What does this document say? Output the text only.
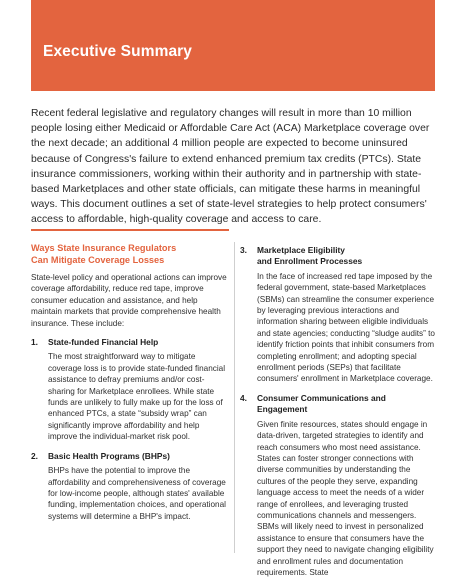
Executive Summary

Recent federal legislative and regulatory changes will result in more than 10 million people losing either Medicaid or Affordable Care Act (ACA) Marketplace coverage over the next decade; an additional 4 million people are expected to become uninsured because of Congress's failure to extend enhanced premium tax credits (PTCs). State insurance commissioners, working within their authority and in partnership with state-based Marketplaces and other state officials, can mitigate these harms in meaningful ways. This document outlines a set of state-level strategies to help protect consumers' access to affordable, high-quality coverage and access to care.

Ways State Insurance Regulators
Can Mitigate Coverage Losses

State-level policy and operational actions can improve coverage affordability, reduce red tape, improve consumer education and assistance, and help maintain markets that provide comprehensive health insurance. These include:

1.	State-funded Financial Help

The most straightforward way to mitigate coverage loss is to provide state-funded financial assistance to defray premiums and/or cost-sharing for Marketplace enrollees. While state funds are unlikely to fully make up for the loss of enhanced PTCs, a state “subsidy wrap” can significantly improve affordability and help improve the individual-market risk pool.

2.	Basic Health Programs (BHPs)

BHPs have the potential to improve the affordability and comprehensiveness of coverage for low-income people, although states' available funding, implementation choices, and operational systems will determine a BHP's impact.

3.	Marketplace Eligibility
and Enrollment Processes

In the face of increased red tape imposed by the federal government, state-based Marketplaces (SBMs) can streamline the consumer experience by leveraging previous interactions and information sharing between eligible individuals and state agencies; conducting “sludge audits” to identify friction points that inhibit consumers from completing enrollment; and adopting special enrollment periods (SEPs) that facilitate consumers' enrollment in Marketplace coverage.

4.	Consumer Communications and Engagement

Given finite resources, states should engage in data-driven, targeted strategies to identify and reach consumers who most need assistance. States can foster stronger connections with diverse communities by understanding the cultures of the people they serve, expanding language access to meet the needs of a wider range of enrollees, and leveraging trusted communications channels and messengers. SBMs will likely need to invest in personalized assistance to ensure that consumers have the support they need to navigate changing eligibility and enrollment rules and documentation requirements. State
